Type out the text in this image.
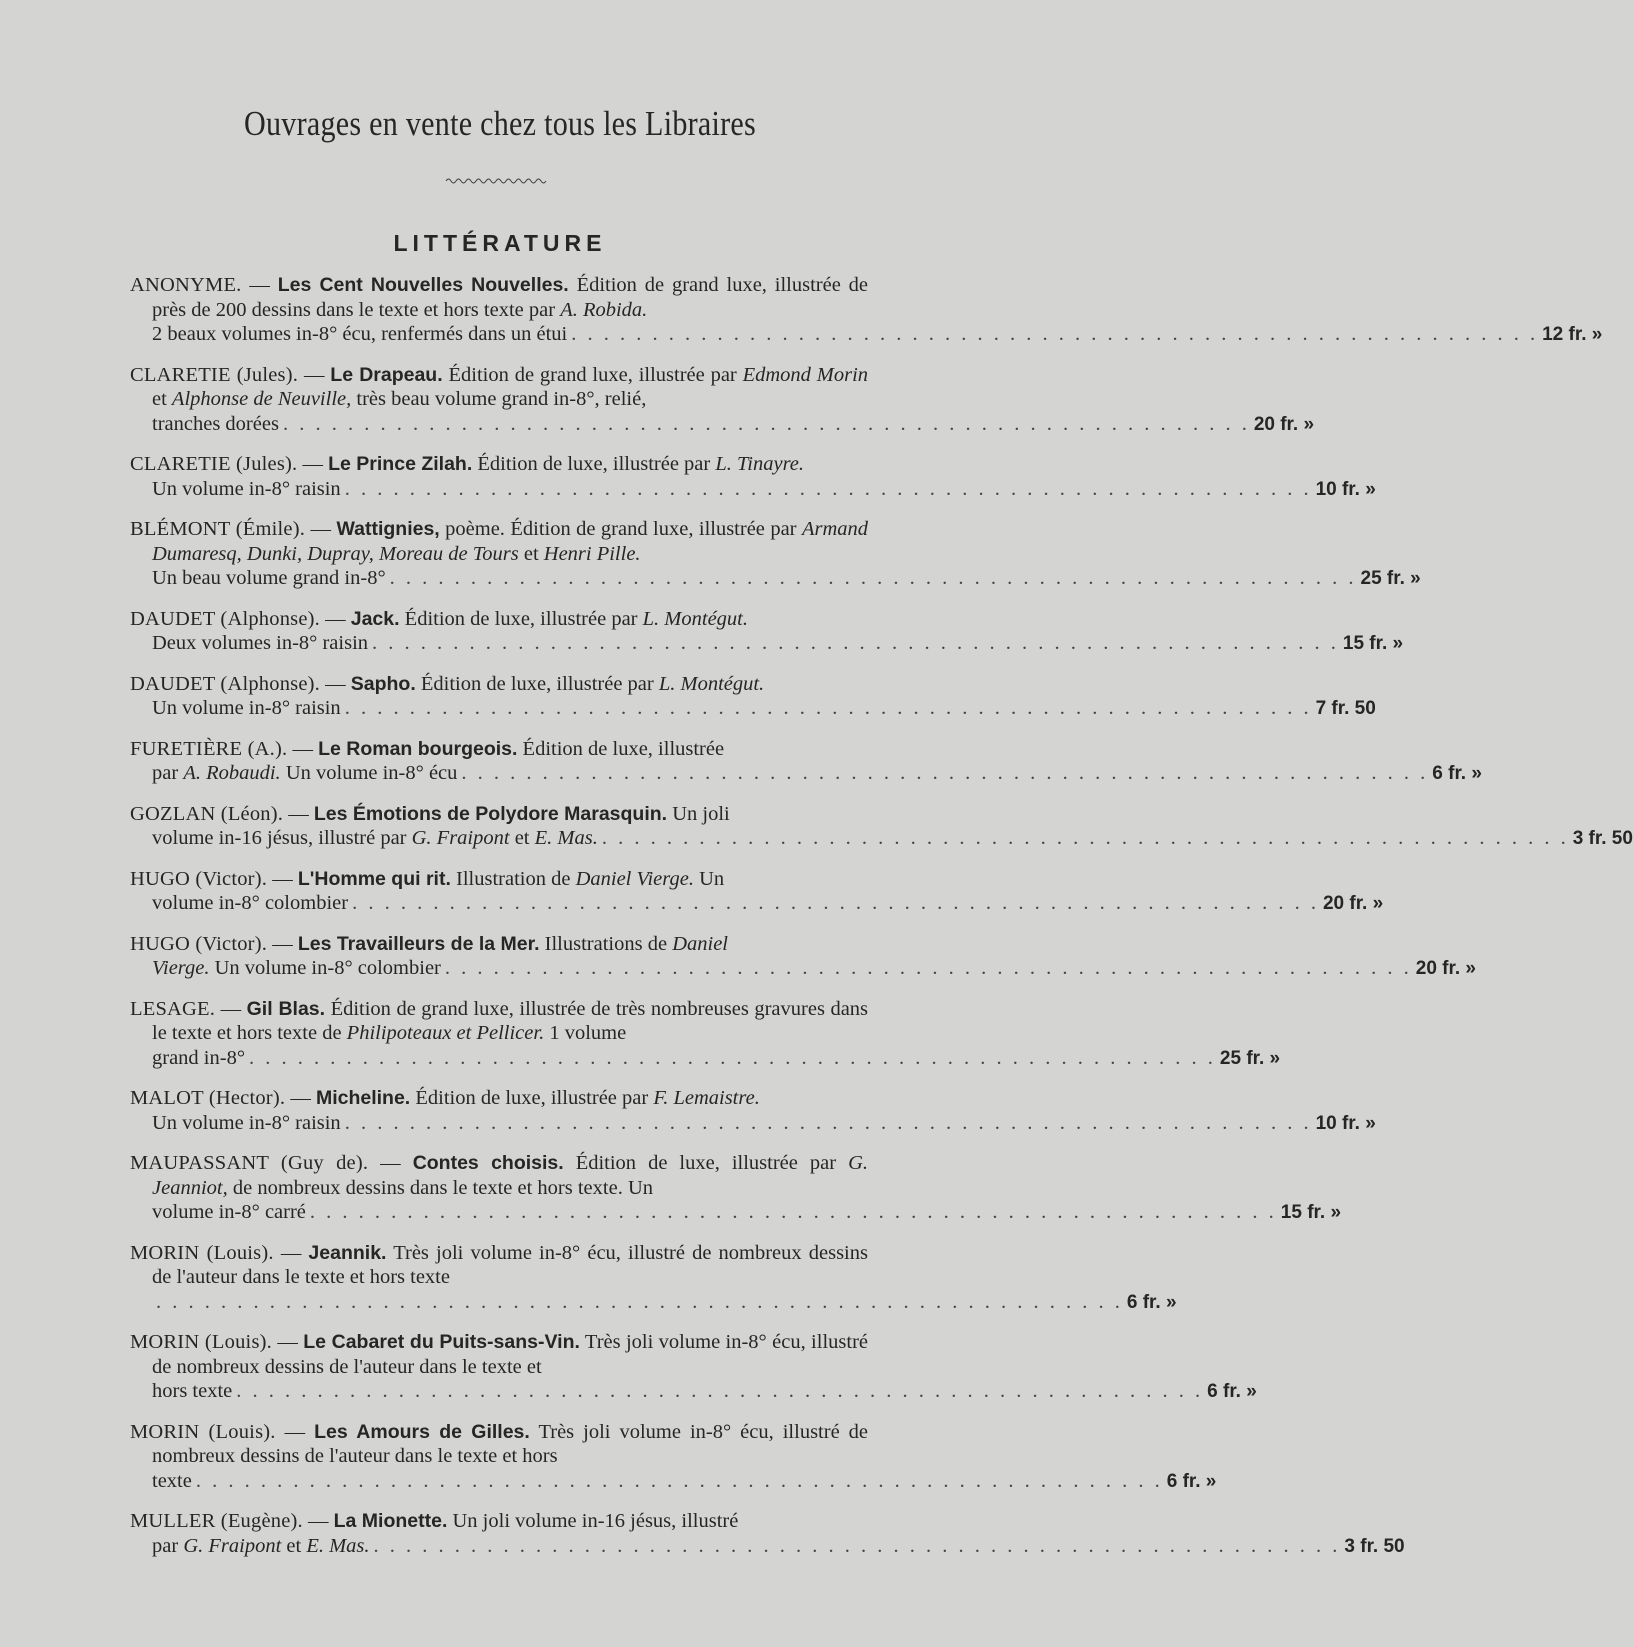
Ouvrages en vente chez tous les Libraires
LITTÉRATURE
ANONYME. — Les Cent Nouvelles Nouvelles. Édition de grand luxe, illustrée de près de 200 dessins dans le texte et hors texte par A. Robida.
2 beaux volumes in-8° écu, renfermés dans un étui . . . . . . . . . . . . . . . . . . . . . . . . . . . . . . . . . . . . . . . . . . . . . . . . . . . . . . . . . . . . 12 fr. »
CLARETIE (Jules). — Le Drapeau. Édition de grand luxe, illustrée par Edmond Morin et Alphonse de Neuville, très beau volume grand in-8°, relié,
tranches dorées . . . . . . . . . . . . . . . . . . . . . . . . . . . . . . . . . . . . . . . . . . . . . . . . . . . . . . . . . . . . 20 fr. »
CLARETIE (Jules). — Le Prince Zilah. Édition de luxe, illustrée par L. Tinayre.
Un volume in-8° raisin . . . . . . . . . . . . . . . . . . . . . . . . . . . . . . . . . . . . . . . . . . . . . . . . . . . . . . . . . . . . 10 fr. »
BLÉMONT (Émile). — Wattignies, poème. Édition de grand luxe, illustrée par Armand Dumaresq, Dunki, Dupray, Moreau de Tours et Henri Pille.
Un beau volume grand in-8° . . . . . . . . . . . . . . . . . . . . . . . . . . . . . . . . . . . . . . . . . . . . . . . . . . . . . . . . . . . . 25 fr. »
DAUDET (Alphonse). — Jack. Édition de luxe, illustrée par L. Montégut.
Deux volumes in-8° raisin . . . . . . . . . . . . . . . . . . . . . . . . . . . . . . . . . . . . . . . . . . . . . . . . . . . . . . . . . . . . 15 fr. »
DAUDET (Alphonse). — Sapho. Édition de luxe, illustrée par L. Montégut.
Un volume in-8° raisin . . . . . . . . . . . . . . . . . . . . . . . . . . . . . . . . . . . . . . . . . . . . . . . . . . . . . . . . . . . . 7 fr. 50
FURETIÈRE (A.). — Le Roman bourgeois. Édition de luxe, illustrée
par A. Robaudi. Un volume in-8° écu . . . . . . . . . . . . . . . . . . . . . . . . . . . . . . . . . . . . . . . . . . . . . . . . . . . . . . . . . . . . 6 fr. »
GOZLAN (Léon). — Les Émotions de Polydore Marasquin. Un joli
volume in-16 jésus, illustré par G. Fraipont et E. Mas. . . . . . . . . . . . . . . . . . . . . . . . . . . . . . . . . . . . . . . . . . . . . . . . . . . . . . . . . . . . . 3 fr. 50
HUGO (Victor). — L'Homme qui rit. Illustration de Daniel Vierge. Un
volume in-8° colombier . . . . . . . . . . . . . . . . . . . . . . . . . . . . . . . . . . . . . . . . . . . . . . . . . . . . . . . . . . . . 20 fr. »
HUGO (Victor). — Les Travailleurs de la Mer. Illustrations de Daniel
Vierge. Un volume in-8° colombier . . . . . . . . . . . . . . . . . . . . . . . . . . . . . . . . . . . . . . . . . . . . . . . . . . . . . . . . . . . . 20 fr. »
LESAGE. — Gil Blas. Édition de grand luxe, illustrée de très nombreuses gravures dans le texte et hors texte de Philipoteaux et Pellicer. 1 volume
grand in-8° . . . . . . . . . . . . . . . . . . . . . . . . . . . . . . . . . . . . . . . . . . . . . . . . . . . . . . . . . . . . 25 fr. »
MALOT (Hector). — Micheline. Édition de luxe, illustrée par F. Lemaistre.
Un volume in-8° raisin . . . . . . . . . . . . . . . . . . . . . . . . . . . . . . . . . . . . . . . . . . . . . . . . . . . . . . . . . . . . 10 fr. »
MAUPASSANT (Guy de). — Contes choisis. Édition de luxe, illustrée par G. Jeanniot, de nombreux dessins dans le texte et hors texte. Un
volume in-8° carré . . . . . . . . . . . . . . . . . . . . . . . . . . . . . . . . . . . . . . . . . . . . . . . . . . . . . . . . . . . . 15 fr. »
MORIN (Louis). — Jeannik. Très joli volume in-8° écu, illustré de nombreux dessins de l'auteur dans le texte et hors texte
. . . . . . . . . . . . . . . . . . . . . . . . . . . . . . . . . . . . . . . . . . . . . . . . . . . . . . . . . . . . 6 fr. »
MORIN (Louis). — Le Cabaret du Puits-sans-Vin. Très joli volume in-8° écu, illustré de nombreux dessins de l'auteur dans le texte et
hors texte . . . . . . . . . . . . . . . . . . . . . . . . . . . . . . . . . . . . . . . . . . . . . . . . . . . . . . . . . . . . 6 fr. »
MORIN (Louis). — Les Amours de Gilles. Très joli volume in-8° écu, illustré de nombreux dessins de l'auteur dans le texte et hors
texte . . . . . . . . . . . . . . . . . . . . . . . . . . . . . . . . . . . . . . . . . . . . . . . . . . . . . . . . . . . . 6 fr. »
MULLER (Eugène). — La Mionette. Un joli volume in-16 jésus, illustré
par G. Fraipont et E. Mas. . . . . . . . . . . . . . . . . . . . . . . . . . . . . . . . . . . . . . . . . . . . . . . . . . . . . . . . . . . . . 3 fr. 50
